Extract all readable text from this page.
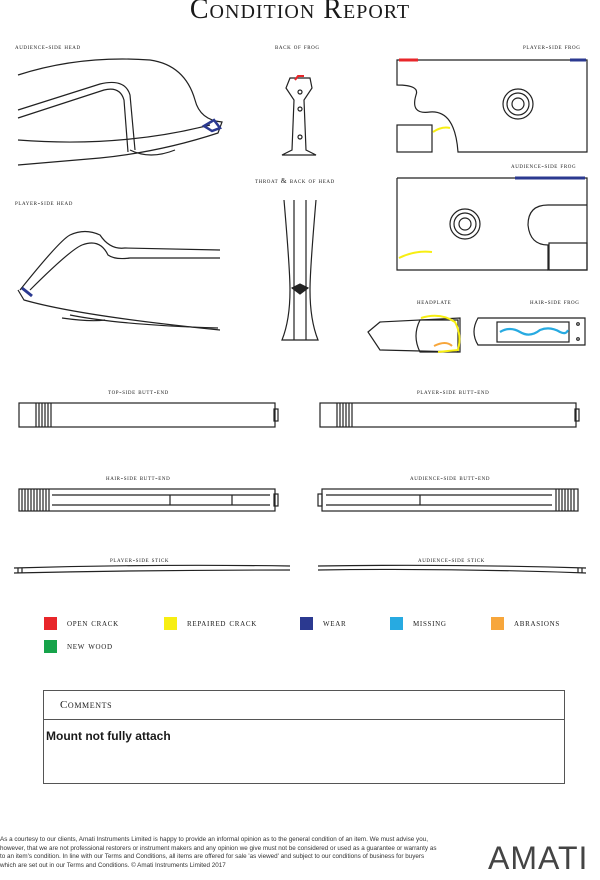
Condition Report
audience-side head	back of frog	player-side frog
audience-side frog
throat & back of head
player-side head
headplate	hair-side frog
top-side butt-end	player-side butt-end
hair-side butt-end	audience-side butt-end
player-side stick	audience-side stick
open crack	repaired crack	wear	missing	abrasions
new wood
Comments
Mount not fully attach
As a courtesy to our clients, Amati Instruments Limited is happy to provide an informal opinion as to the general condition of an item. We must advise you, however, that we are not professional restorers or instrument makers and any opinion we give must not be considered or used as a guarantee or warranty as to an item's condition. In line with our Terms and Conditions, all items are offered for sale 'as viewed' and subject to our conditions of business for buyers which are set out in our Terms and Conditions. © Amati Instruments Limited 2017	AMATI
